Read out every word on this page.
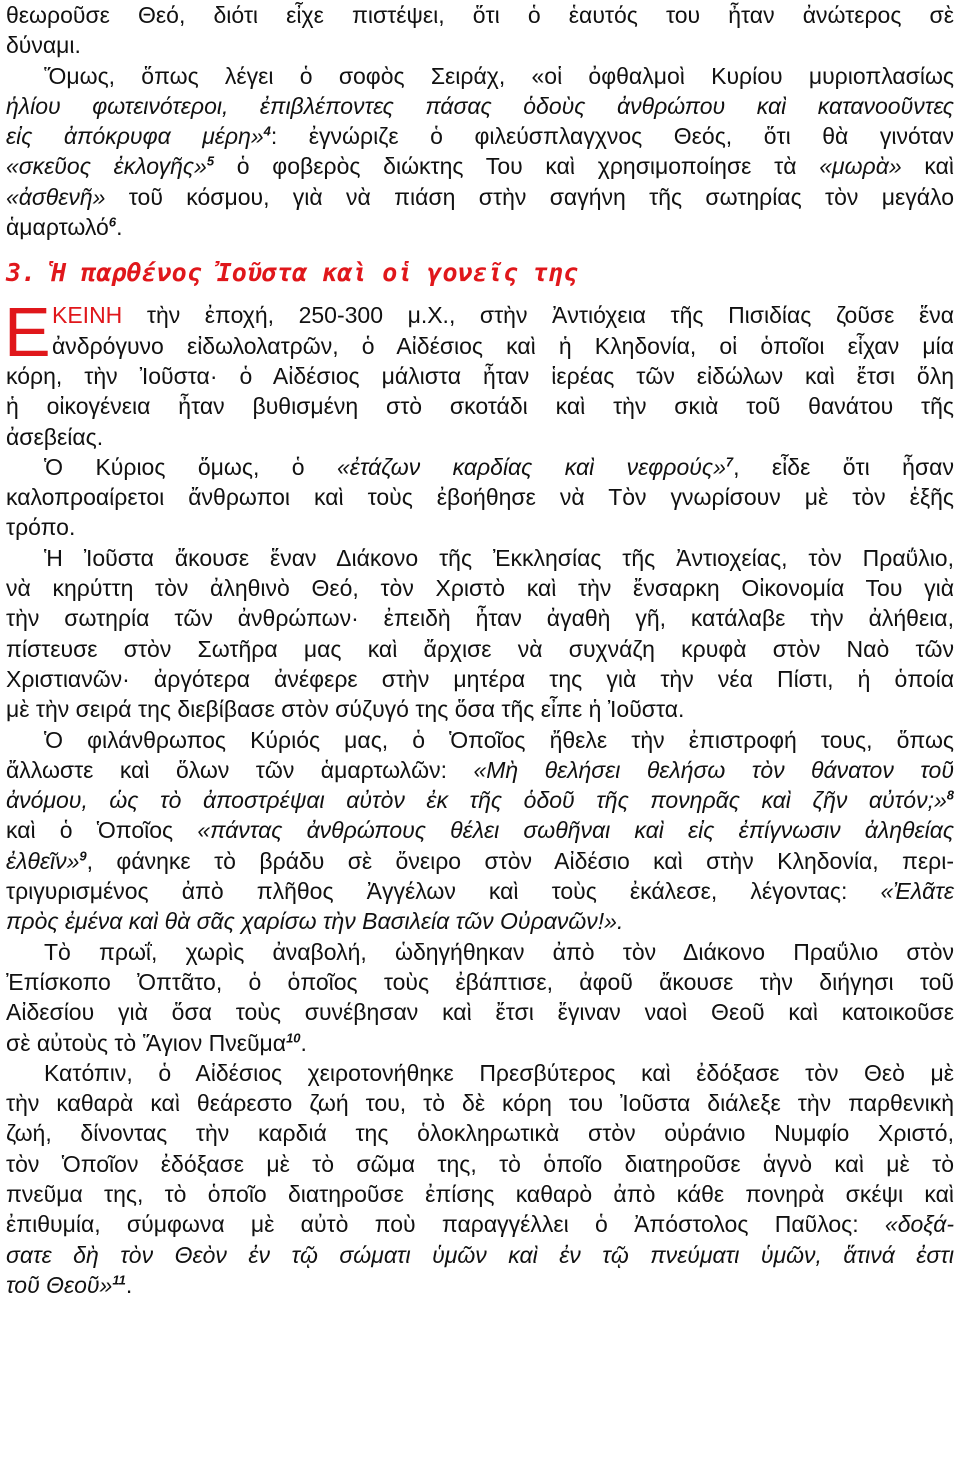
θεωροῦσε Θεό, διότι εἶχε πιστέψει, ὅτι ὁ ἑαυτός του ἦταν ἀνώτερος σὲ
δύναμι.
Ὅμως, ὅπως λέγει ὁ σοφὸς Σειράχ, «οἱ ὀφθαλμοὶ Κυρίου μυριοπλασίως
ἡλίου φωτεινότεροι, ἐπιβλέποντες πάσας ὁδοὺς ἀνθρώπου καὶ κατανοοῦντες
εἰς ἀπόκρυφα μέρη»$^4$: ἐγνώριζε ὁ φιλεύσπλαγχνος Θεός, ὅτι θὰ γινόταν
«σκεῦος ἐκλογῆς»$^5$ ὁ φοβερὸς διώκτης Του καὶ χρησιμοποίησε τὰ «μωρὰ» καὶ
«ἀσθενῆ» τοῦ κόσμου, γιὰ νὰ πιάση στὴν σαγήνη τῆς σωτηρίας τὸν μεγάλο
ἁμαρτωλό$^6$.
3. Ἡ παρθένος Ἰοῦστα καὶ οἱ γονεῖς της
Ε ΚΕΙΝΗ τὴν ἐποχή, 250-300 μ.Χ., στὴν Ἀντιόχεια τῆς Πισιδίας ζοῦσε ἕνα
ἀνδρόγυνο εἰδωλολατρῶν, ὁ Αἰδέσιος καὶ ἡ Κληδονία, οἱ ὁποῖοι εἶχαν μία
κόρη, τὴν Ἰοῦστα· ὁ Αἰδέσιος μάλιστα ἦταν ἱερέας τῶν εἰδώλων καὶ ἔτσι ὅλη
ἡ οἰκογένεια ἦταν βυθισμένη στὸ σκοτάδι καὶ τὴν σκιὰ τοῦ θανάτου τῆς
ἀσεβείας.
Ὁ Κύριος ὅμως, ὁ «ἐτάζων καρδίας καὶ νεφρούς»$^7$, εἶδε ὅτι ἦσαν
καλοπροαίρετοι ἄνθρωποι καὶ τοὺς ἐβοήθησε νὰ Τὸν γνωρίσουν μὲ τὸν ἑξῆς
τρόπο.
Ἡ Ἰοῦστα ἄκουσε ἕναν Διάκονο τῆς Ἐκκλησίας τῆς Ἀντιοχείας, τὸν Πραΰλιο,
νὰ κηρύττη τὸν ἀληθινὸ Θεό, τὸν Χριστὸ καὶ τὴν ἔνσαρκη Οἰκονομία Του γιὰ
τὴν σωτηρία τῶν ἀνθρώπων· ἐπειδὴ ἦταν ἀγαθὴ γῆ, κατάλαβε τὴν ἀλήθεια,
πίστευσε στὸν Σωτῆρα μας καὶ ἄρχισε νὰ συχνάζη κρυφὰ στὸν Ναὸ τῶν
Χριστιανῶν· ἀργότερα ἀνέφερε στὴν μητέρα της γιὰ τὴν νέα Πίστι, ἡ ὁποία
μὲ τὴν σειρά της διεβίβασε στὸν σύζυγό της ὅσα τῆς εἶπε ἡ Ἰοῦστα.
Ὁ φιλάνθρωπος Κύριός μας, ὁ Ὁποῖος ἤθελε τὴν ἐπιστροφή τους, ὅπως
ἄλλωστε καὶ ὅλων τῶν ἁμαρτωλῶν: «Μὴ θελήσει θελήσω τὸν θάνατον τοῦ
ἀνόμου, ὡς τὸ ἀποστρέψαι αὐτὸν ἐκ τῆς ὁδοῦ τῆς πονηρᾶς καὶ ζῆν αὐτόν;»$^8$
καὶ ὁ Ὁποῖος «πάντας ἀνθρώπους θέλει σωθῆναι καὶ εἰς ἐπίγνωσιν ἀληθείας
ἐλθεῖν»$^9$, φάνηκε τὸ βράδυ σὲ ὄνειρο στὸν Αἰδέσιο καὶ στὴν Κληδονία, περι-
τριγυρισμένος ἀπὸ πλῆθος Ἀγγέλων καὶ τοὺς ἐκάλεσε, λέγοντας: «Ἐλᾶτε
πρὸς ἐμένα καὶ θὰ σᾶς χαρίσω τὴν Βασιλεία τῶν Οὐρανῶν!».
Τὸ πρωΐ, χωρὶς ἀναβολή, ὡδηγήθηκαν ἀπὸ τὸν Διάκονο Πραΰλιο στὸν
Ἐπίσκοπο Ὀπτᾶτο, ὁ ὁποῖος τοὺς ἐβάπτισε, ἀφοῦ ἄκουσε τὴν διήγησι τοῦ
Αἰδεσίου γιὰ ὅσα τοὺς συνέβησαν καὶ ἔτσι ἔγιναν ναοὶ Θεοῦ καὶ κατοικοῦσε
σὲ αὐτοὺς τὸ Ἅγιον Πνεῦμα$^{10}$.
Κατόπιν, ὁ Αἰδέσιος χειροτονήθηκε Πρεσβύτερος καὶ ἐδόξασε τὸν Θεὸ μὲ
τὴν καθαρὰ καὶ θεάρεστο ζωή του, τὸ δὲ κόρη του Ἰοῦστα διάλεξε τὴν παρθενικὴ
ζωή, δίνοντας τὴν καρδιά της ὁλοκληρωτικὰ στὸν οὐράνιο Νυμφίο Χριστό,
τὸν Ὁποῖον ἐδόξασε μὲ τὸ σῶμα της, τὸ ὁποῖο διατηροῦσε ἁγνὸ καὶ μὲ τὸ
πνεῦμα της, τὸ ὁποῖο διατηροῦσε ἐπίσης καθαρὸ ἀπὸ κάθε πονηρὰ σκέψι καὶ
ἐπιθυμία, σύμφωνα μὲ αὐτὸ ποὺ παραγγέλλει ὁ Ἀπόστολος Παῦλος: «δοξά-
σατε δὴ τὸν Θεὸν ἐν τῷ σώματι ὑμῶν καὶ ἐν τῷ πνεύματι ὑμῶν, ἅτινά ἐστι
τοῦ Θεοῦ»$^{11}$.
